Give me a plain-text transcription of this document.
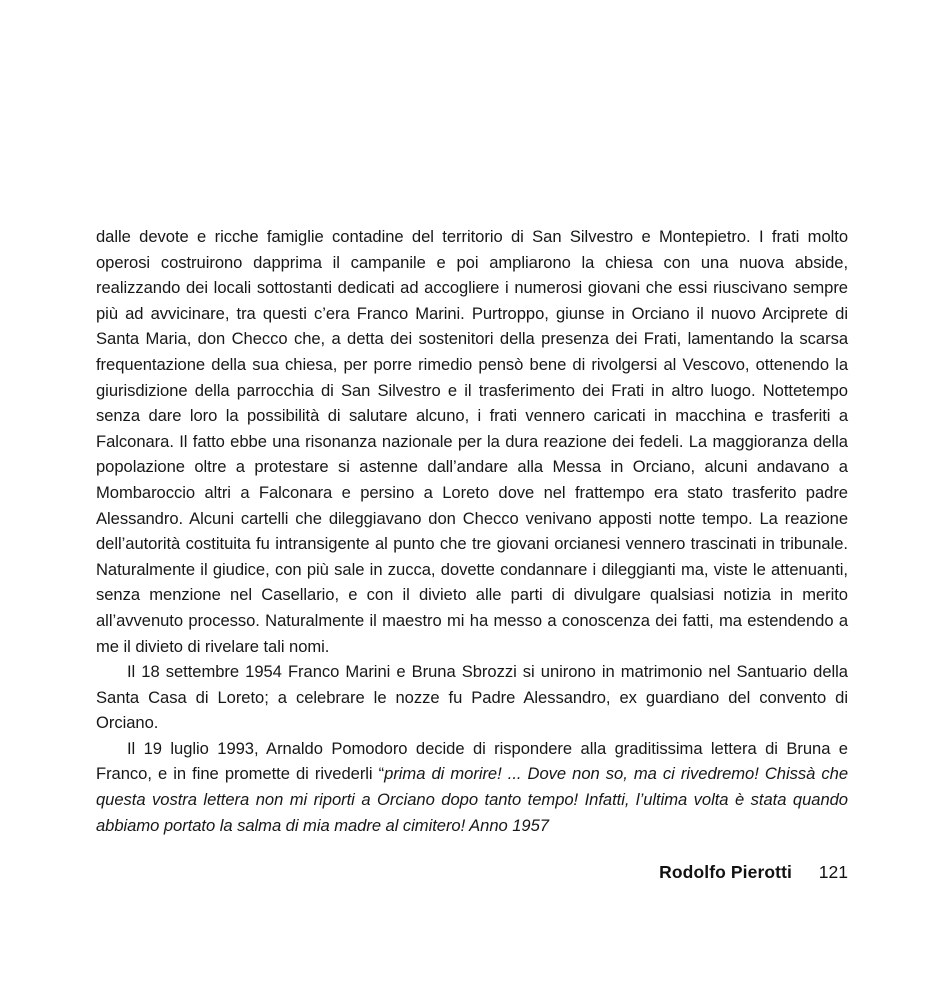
dalle devote e ricche famiglie contadine del territorio di San Silvestro e Montepietro. I frati molto operosi costruirono dapprima il campanile e poi ampliarono la chiesa con una nuova abside, realizzando dei locali sottostanti dedicati ad accogliere i numerosi giovani che essi riuscivano sempre più ad avvicinare, tra questi c’era Franco Marini. Purtroppo, giunse in Orciano il nuovo Arciprete di Santa Maria, don Checco che, a detta dei sostenitori della presenza dei Frati, lamentando la scarsa frequentazione della sua chiesa, per porre rimedio pensò bene di rivolgersi al Vescovo, ottenendo la giurisdizione della parrocchia di San Silvestro e il trasferimento dei Frati in altro luogo. Nottetempo senza dare loro la possibilità di salutare alcuno, i frati vennero caricati in macchina e trasferiti a Falconara. Il fatto ebbe una risonanza nazionale per la dura reazione dei fedeli. La maggioranza della popolazione oltre a protestare si astenne dall’andare alla Messa in Orciano, alcuni andavano a Mombaroccio altri a Falconara e persino a Loreto dove nel frattempo era stato trasferito padre Alessandro. Alcuni cartelli che dileggiavano don Checco venivano apposti notte tempo. La reazione dell’autorità costituita fu intransigente al punto che tre giovani orcianesi vennero trascinati in tribunale. Naturalmente il giudice, con più sale in zucca, dovette condannare i dileggianti ma, viste le attenuanti, senza menzione nel Casellario, e con il divieto alle parti di divulgare qualsiasi notizia in merito all’avvenuto processo. Naturalmente il maestro mi ha messo a conoscenza dei fatti, ma estendendo a me il divieto di rivelare tali nomi.

Il 18 settembre 1954 Franco Marini e Bruna Sbrozzi si unirono in matrimonio nel Santuario della Santa Casa di Loreto; a celebrare le nozze fu Padre Alessandro, ex guardiano del convento di Orciano.

Il 19 luglio 1993, Arnaldo Pomodoro decide di rispondere alla graditissima lettera di Bruna e Franco, e in fine promette di rivederli “prima di morire! ... Dove non so, ma ci rivedremo! Chissà che questa vostra lettera non mi riporti a Orciano dopo tanto tempo! Infatti, l’ultima volta è stata quando abbiamo portato la salma di mia madre al cimitero! Anno 1957

Rodolfo Pierotti 121
